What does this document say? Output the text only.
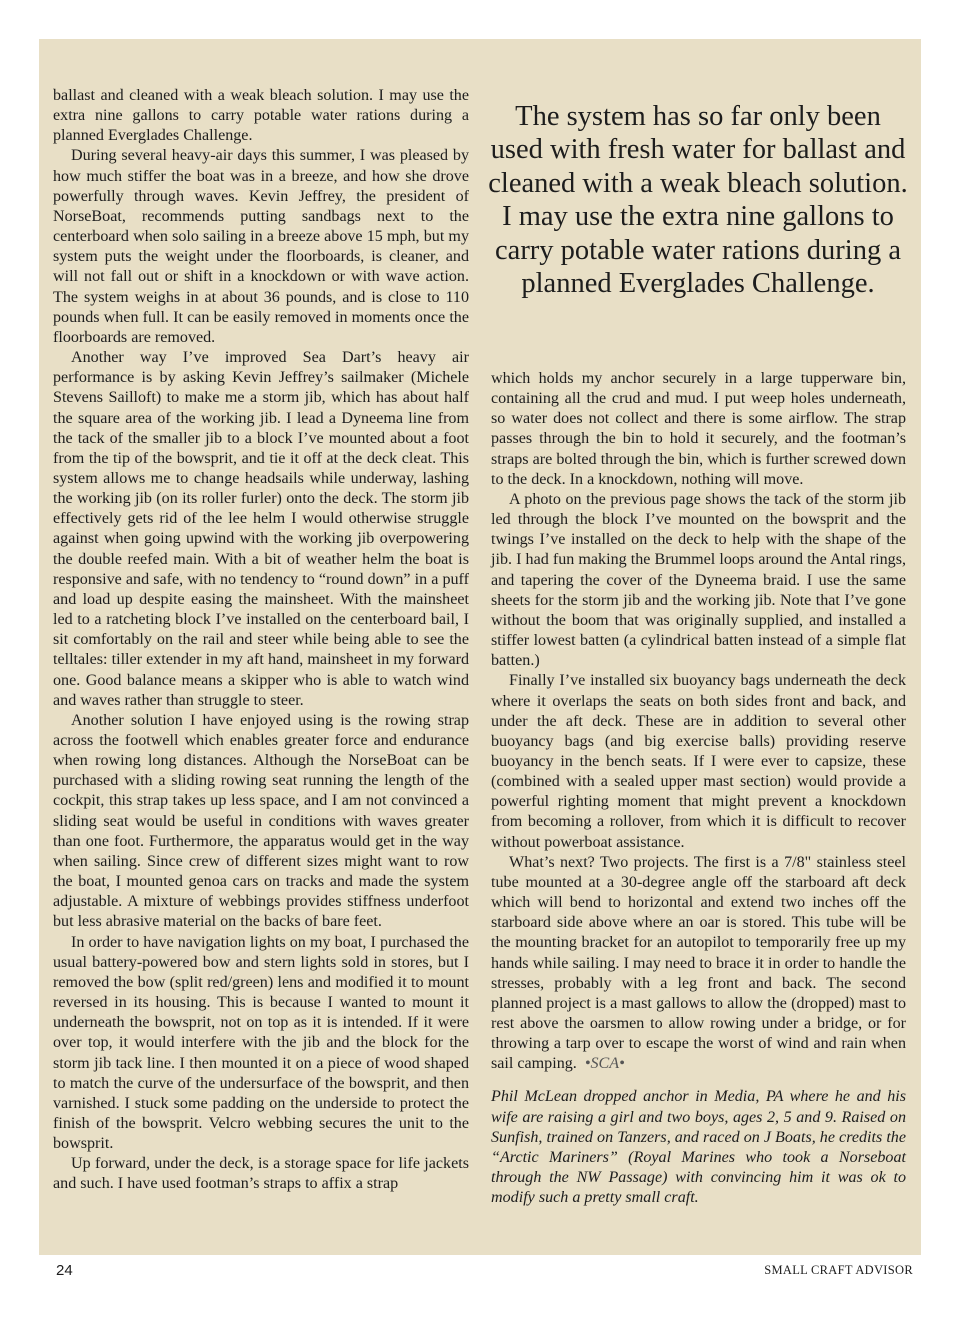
ballast and cleaned with a weak bleach solution. I may use the extra nine gallons to carry potable water rations during a planned Everglades Challenge.

During several heavy-air days this summer, I was pleased by how much stiffer the boat was in a breeze, and how she drove powerfully through waves. Kevin Jeffrey, the president of NorseBoat, recommends putting sandbags next to the centerboard when solo sailing in a breeze above 15 mph, but my system puts the weight under the floorboards, is cleaner, and will not fall out or shift in a knockdown or with wave action. The system weighs in at about 36 pounds, and is close to 110 pounds when full. It can be easily removed in moments once the floorboards are removed.

Another way I’ve improved Sea Dart’s heavy air performance is by asking Kevin Jeffrey’s sailmaker (Michele Stevens Sailloft) to make me a storm jib, which has about half the square area of the working jib. I lead a Dyneema line from the tack of the smaller jib to a block I’ve mounted about a foot from the tip of the bowsprit, and tie it off at the deck cleat. This system allows me to change headsails while underway, lashing the working jib (on its roller furler) onto the deck. The storm jib effectively gets rid of the lee helm I would otherwise struggle against when going upwind with the working jib overpowering the double reefed main. With a bit of weather helm the boat is responsive and safe, with no tendency to “round down” in a puff and load up despite easing the mainsheet. With the mainsheet led to a ratcheting block I’ve installed on the centerboard bail, I sit comfortably on the rail and steer while being able to see the telltales: tiller extender in my aft hand, mainsheet in my forward one. Good balance means a skipper who is able to watch wind and waves rather than struggle to steer.

Another solution I have enjoyed using is the rowing strap across the footwell which enables greater force and endurance when rowing long distances. Although the NorseBoat can be purchased with a sliding rowing seat running the length of the cockpit, this strap takes up less space, and I am not convinced a sliding seat would be useful in conditions with waves greater than one foot. Furthermore, the apparatus would get in the way when sailing. Since crew of different sizes might want to row the boat, I mounted genoa cars on tracks and made the system adjustable. A mixture of webbings provides stiffness underfoot but less abrasive material on the backs of bare feet.

In order to have navigation lights on my boat, I purchased the usual battery-powered bow and stern lights sold in stores, but I removed the bow (split red/green) lens and modified it to mount reversed in its housing. This is because I wanted to mount it underneath the bowsprit, not on top as it is intended. If it were over top, it would interfere with the jib and the block for the storm jib tack line. I then mounted it on a piece of wood shaped to match the curve of the undersurface of the bowsprit, and then varnished. I stuck some padding on the underside to protect the finish of the bowsprit. Velcro webbing secures the unit to the bowsprit.

Up forward, under the deck, is a storage space for life jackets and such. I have used footman’s straps to affix a strap

The system has so far only been used with fresh water for ballast and cleaned with a weak bleach solution. I may use the extra nine gallons to carry potable water rations during a planned Everglades Challenge.

which holds my anchor securely in a large tupperware bin, containing all the crud and mud. I put weep holes underneath, so water does not collect and there is some airflow. The strap passes through the bin to hold it securely, and the footman’s straps are bolted through the bin, which is further screwed down to the deck. In a knockdown, nothing will move.

A photo on the previous page shows the tack of the storm jib led through the block I’ve mounted on the bowsprit and the twings I’ve installed on the deck to help with the shape of the jib. I had fun making the Brummel loops around the Antal rings, and tapering the cover of the Dyneema braid. I use the same sheets for the storm jib and the working jib. Note that I’ve gone without the boom that was originally supplied, and installed a stiffer lowest batten (a cylindrical batten instead of a simple flat batten.)

Finally I’ve installed six buoyancy bags underneath the deck where it overlaps the seats on both sides front and back, and under the aft deck. These are in addition to several other buoyancy bags (and big exercise balls) providing reserve buoyancy in the bench seats. If I were ever to capsize, these (combined with a sealed upper mast section) would provide a powerful righting moment that might prevent a knockdown from becoming a rollover, from which it is difficult to recover without powerboat assistance.

What’s next? Two projects. The first is a 7/8" stainless steel tube mounted at a 30-degree angle off the starboard aft deck which will bend to horizontal and extend two inches off the starboard side above where an oar is stored. This tube will be the mounting bracket for an autopilot to temporarily free up my hands while sailing. I may need to brace it in order to handle the stresses, probably with a leg front and back. The second planned project is a mast gallows to allow the (dropped) mast to rest above the oarsmen to allow rowing under a bridge, or for throwing a tarp over to escape the worst of wind and rain when sail camping. •SCA•

Phil McLean dropped anchor in Media, PA where he and his wife are raising a girl and two boys, ages 2, 5 and 9. Raised on Sunfish, trained on Tanzers, and raced on J Boats, he credits the “Arctic Mariners” (Royal Marines who took a Norseboat through the NW Passage) with convincing him it was ok to modify such a pretty small craft.

24	SMALL CRAFT ADVISOR
